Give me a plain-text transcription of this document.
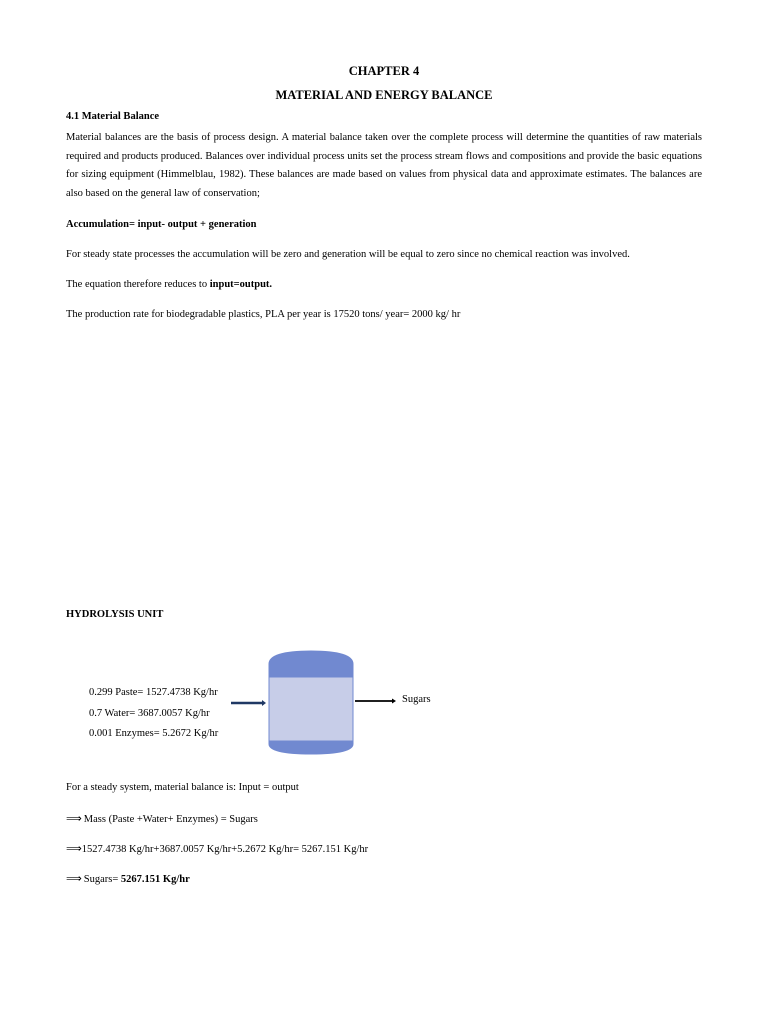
CHAPTER 4
MATERIAL AND ENERGY BALANCE
4.1 Material Balance
Material balances are the basis of process design. A material balance taken over the complete process will determine the quantities of raw materials required and products produced. Balances over individual process units set the process stream flows and compositions and provide the basic equations for sizing equipment (Himmelblau, 1982). These balances are made based on values from physical data and approximate estimates. The balances are also based on the general law of conservation;
Accumulation= input- output + generation
For steady state processes the accumulation will be zero and generation will be equal to zero since no chemical reaction was involved.
The equation therefore reduces to input=output.
The production rate for biodegradable plastics, PLA per year is 17520 tons/ year= 2000 kg/ hr
HYDROLYSIS UNIT
0.299 Paste= 1527.4738 Kg/hr
0.7 Water= 3687.0057 Kg/hr
0.001 Enzymes= 5.2672 Kg/hr
Sugars
For a steady system, material balance is: Input = output
⟹ Mass (Paste +Water+ Enzymes) = Sugars
⟹1527.4738 Kg/hr+3687.0057 Kg/hr+5.2672 Kg/hr= 5267.151 Kg/hr
⟹ Sugars= 5267.151 Kg/hr
